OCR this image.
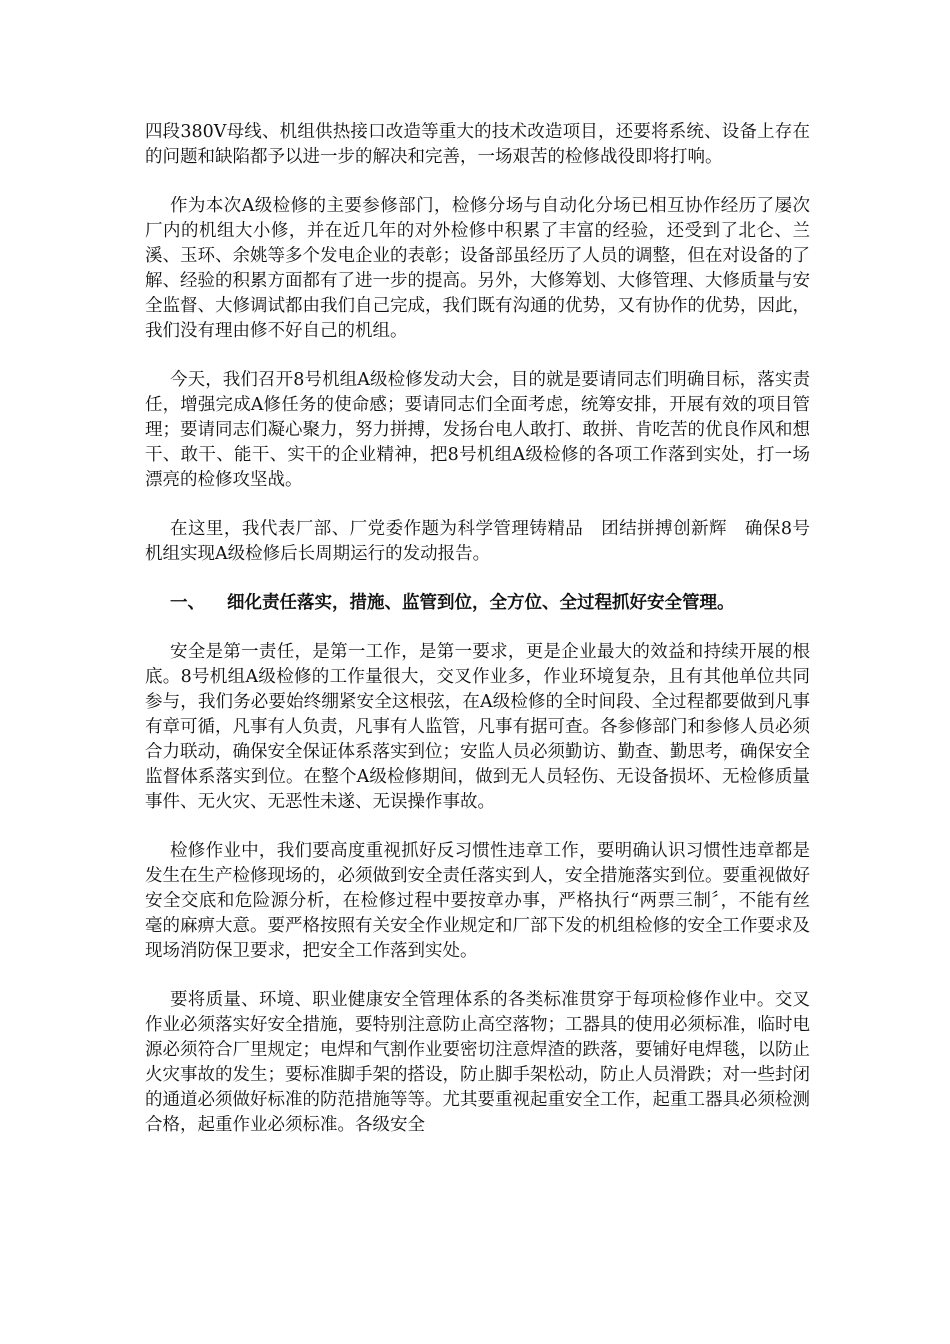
四段380V母线、机组供热接口改造等重大的技术改造项目，还要将系统、设备上存在的问题和缺陷都予以进一步的解决和完善，一场艰苦的检修战役即将打响。

作为本次A级检修的主要参修部门，检修分场与自动化分场已相互协作经历了屡次厂内的机组大小修，并在近几年的对外检修中积累了丰富的经验，还受到了北仑、兰溪、玉环、余姚等多个发电企业的表彰；设备部虽经历了人员的调整，但在对设备的了解、经验的积累方面都有了进一步的提高。另外，大修筹划、大修管理、大修质量与安全监督、大修调试都由我们自己完成，我们既有沟通的优势，又有协作的优势，因此，我们没有理由修不好自己的机组。

今天，我们召开8号机组A级检修发动大会，目的就是要请同志们明确目标，落实责任，增强完成A修任务的使命感；要请同志们全面考虑，统筹安排，开展有效的项目管理；要请同志们凝心聚力，努力拼搏，发扬台电人敢打、敢拼、肯吃苦的优良作风和想干、敢干、能干、实干的企业精神，把8号机组A级检修的各项工作落到实处，打一场漂亮的检修攻坚战。

在这里，我代表厂部、厂党委作题为科学管理铸精品　团结拼搏创新辉　确保8号机组实现A级检修后长周期运行的发动报告。

一、 细化责任落实，措施、监管到位，全方位、全过程抓好安全管理。

安全是第一责任，是第一工作，是第一要求，更是企业最大的效益和持续开展的根底。8号机组A级检修的工作量很大，交叉作业多，作业环境复杂，且有其他单位共同参与，我们务必要始终绷紧安全这根弦，在A级检修的全时间段、全过程都要做到凡事有章可循，凡事有人负责，凡事有人监管，凡事有据可查。各参修部门和参修人员必须合力联动，确保安全保证体系落实到位；安监人员必须勤访、勤查、勤思考，确保安全监督体系落实到位。在整个A级检修期间，做到无人员轻伤、无设备损坏、无检修质量事件、无火灾、无恶性未遂、无误操作事故。

检修作业中，我们要高度重视抓好反习惯性违章工作，要明确认识习惯性违章都是发生在生产检修现场的，必须做到安全责任落实到人，安全措施落实到位。要重视做好安全交底和危险源分析，在检修过程中要按章办事，严格执行“两票三制〞，不能有丝毫的麻痹大意。要严格按照有关安全作业规定和厂部下发的机组检修的安全工作要求及现场消防保卫要求，把安全工作落到实处。

要将质量、环境、职业健康安全管理体系的各类标准贯穿于每项检修作业中。交叉作业必须落实好安全措施，要特别注意防止高空落物；工器具的使用必须标准，临时电源必须符合厂里规定；电焊和气割作业要密切注意焊渣的跌落，要铺好电焊毯，以防止火灾事故的发生；要标准脚手架的搭设，防止脚手架松动，防止人员滑跌；对一些封闭的通道必须做好标准的防范措施等等。尤其要重视起重安全工作，起重工器具必须检测合格，起重作业必须标准。各级安全
